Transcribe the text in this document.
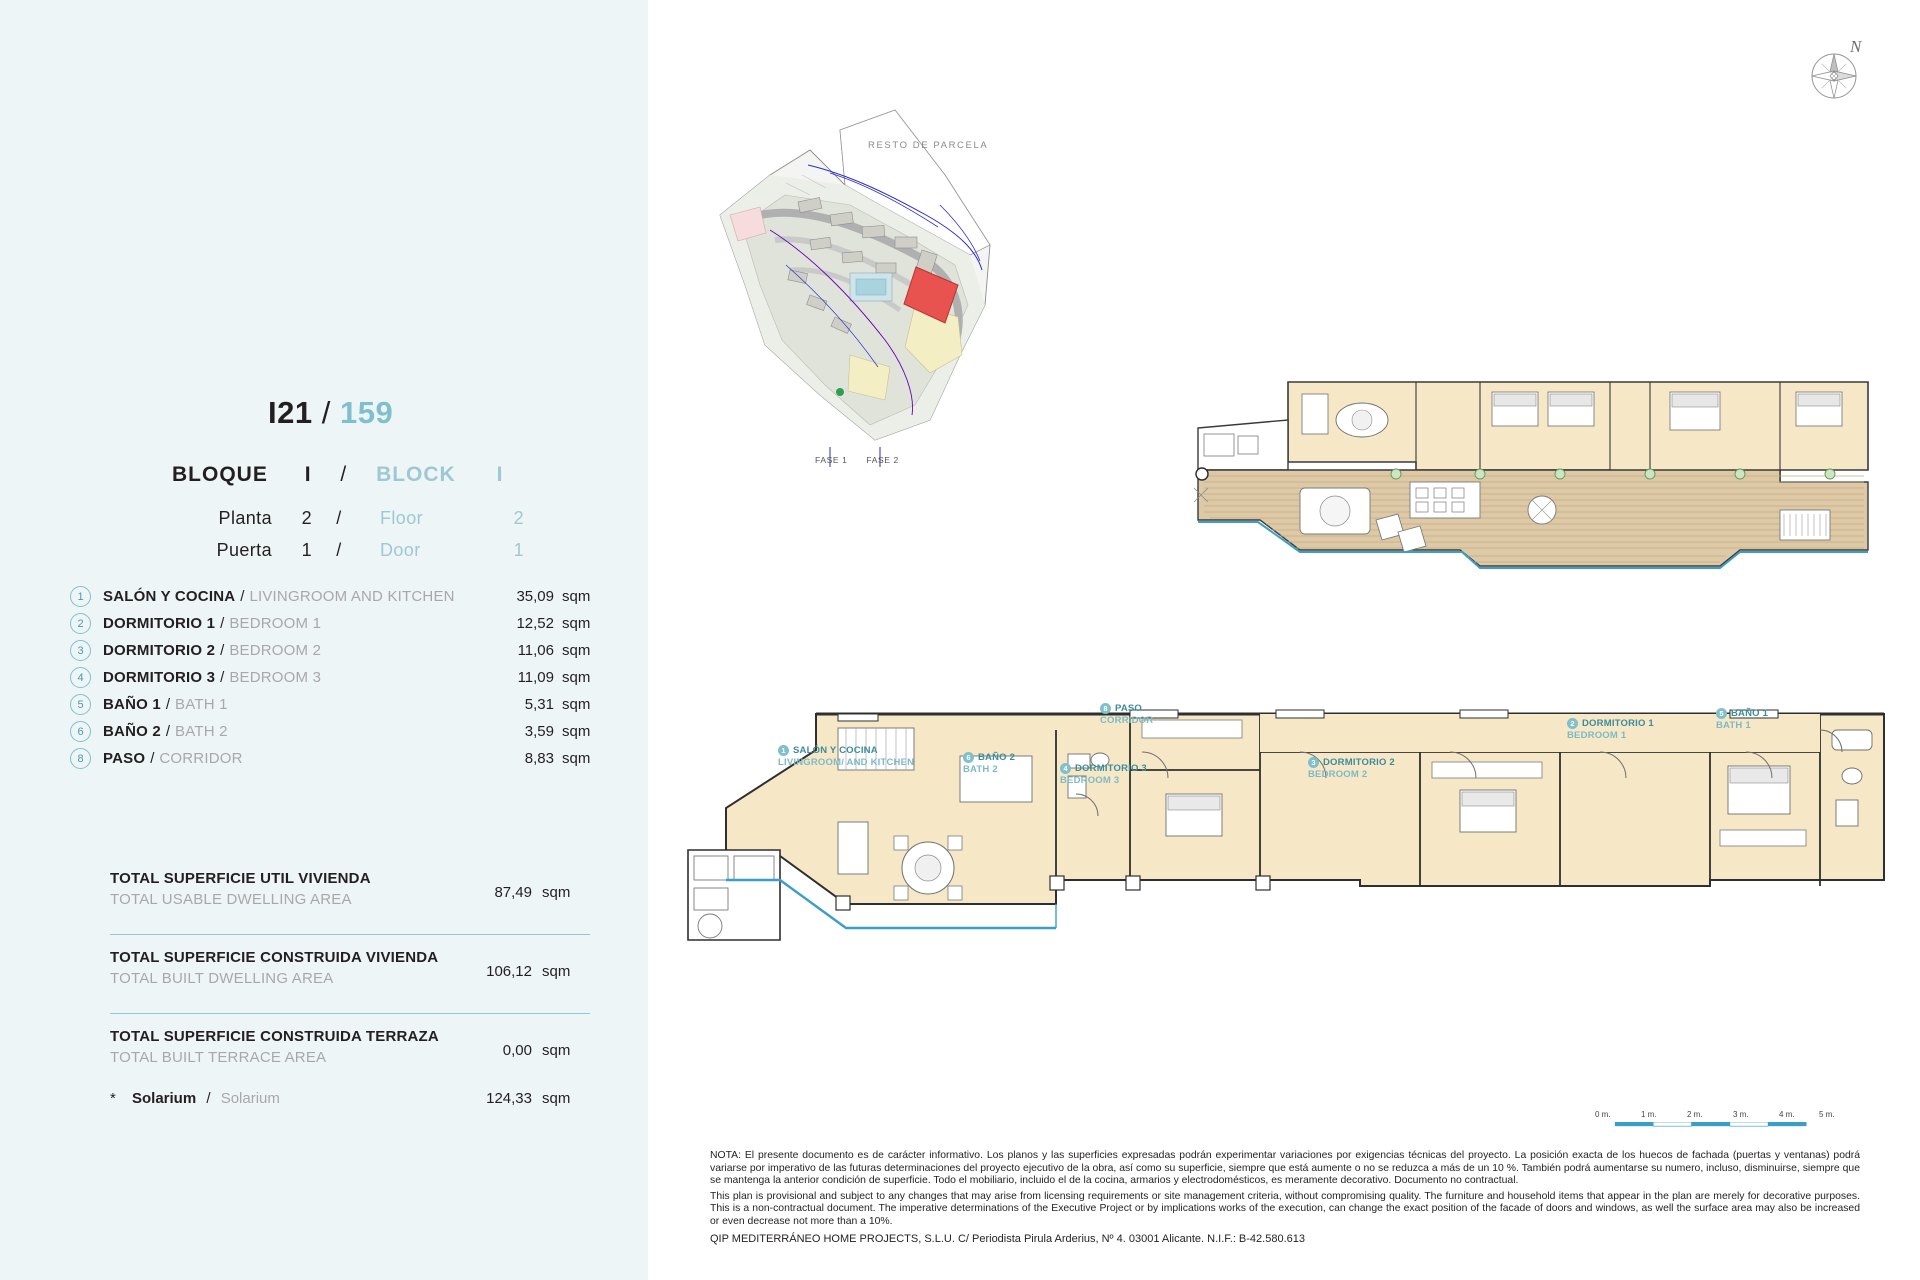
I21 / 159
BLOQUE I / BLOCK I
Planta	2	/	Floor	2
Puerta	1	/	Door	1
1	SALÓN Y COCINA / LIVINGROOM AND KITCHEN	35,09 sqm
2	DORMITORIO 1 / BEDROOM 1	12,52 sqm
3	DORMITORIO 2 / BEDROOM 2	11,06 sqm
4	DORMITORIO 3 / BEDROOM 3	11,09 sqm
5	BAÑO 1 / BATH 1	5,31 sqm
6	BAÑO 2 / BATH 2	3,59 sqm
8	PASO / CORRIDOR	8,83 sqm
TOTAL SUPERFICIE UTIL VIVIENDA
TOTAL USABLE DWELLING AREA	87,49 sqm
TOTAL SUPERFICIE CONSTRUIDA VIVIENDA
TOTAL BUILT DWELLING AREA	106,12 sqm
TOTAL SUPERFICIE CONSTRUIDA TERRAZA
TOTAL BUILT TERRACE AREA	0,00 sqm
* Solarium / Solarium	124,33 sqm
N
RESTO DE PARCELA
FASE 1 FASE 2
1 SALÓN Y COCINA
LIVINGROOM/ AND KITCHEN	6 BAÑO 2
BATH 2	4 DORMITORIO 3
BEDROOM 3
8 PASO
CORRIDOR
3 DORMITORIO 2
BEDROOM 2
2 DORMITORIO 1
BEDROOM 1
5 BAÑO 1
BATH 1
0 m.	1 m.	2 m.	3 m.	4 m.	5 m.

NOTA: El presente documento es de carácter informativo. Los planos y las superficies expresadas podrán experimentar variaciones por exigencias técnicas del proyecto. La posición exacta de los huecos de fachada (puertas y ventanas) podrá variarse por imperativo de las futuras determinaciones del proyecto ejecutivo de la obra, así como su superficie, siempre que está aumente o no se reduzca a más de un 10 %. También podrá aumentarse su numero, incluso, disminuirse, siempre que se mantenga la anterior condición de superficie. Todo el mobiliario, incluido el de la cocina, armarios y electrodomésticos, es meramente decorativo. Documento no contractual.

This plan is provisional and subject to any changes that may arise from licensing requirements or site management criteria, without compromising quality. The furniture and household items that appear in the plan are merely for decorative purposes. This is a non-contractual document. The imperative determinations of the Executive Project or by implications works of the execution, can change the exact position of the facade of doors and windows, as well the surface area may also be increased or even decrease not more than a 10%.

QIP MEDITERRÁNEO HOME PROJECTS, S.L.U. C/ Periodista Pirula Arderius, Nº 4. 03001 Alicante. N.I.F.: B-42.580.613
